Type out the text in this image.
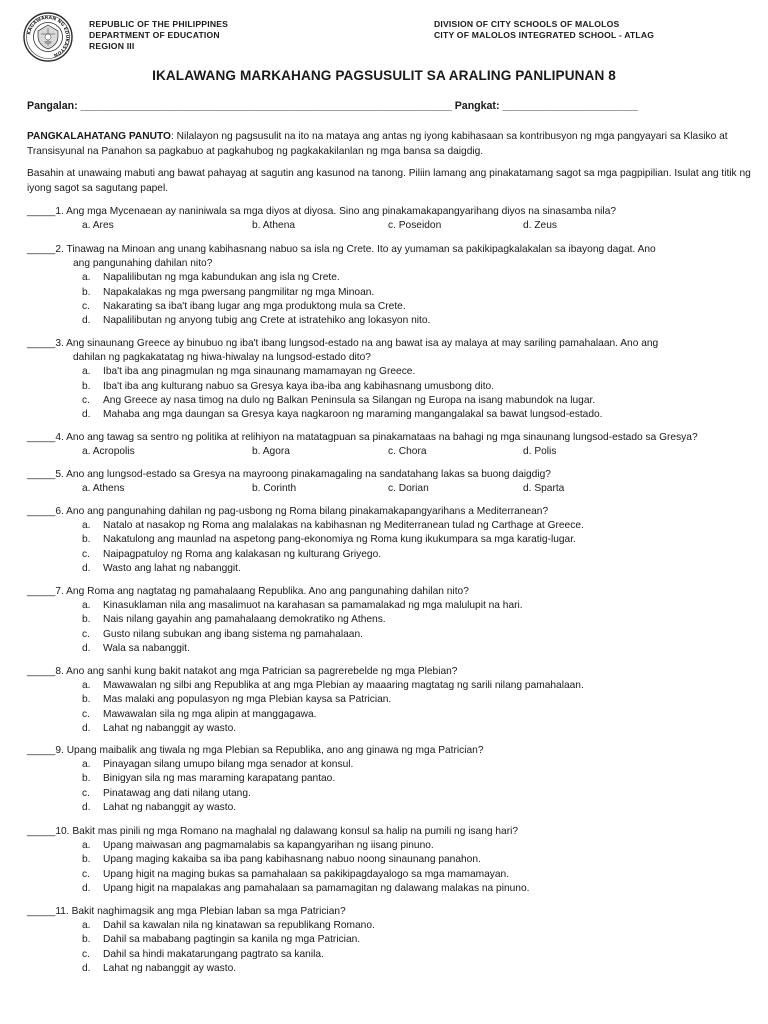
KAGAWARAN NG EDUKASYON
REPUBLIC OF THE PHILIPPINES
DEPARTMENT OF EDUCATION
REGION III
DIVISION OF CITY SCHOOLS OF MALOLOS
CITY OF MALOLOS INTEGRATED SCHOOL - ATLAG
IKALAWANG MARKAHANG PAGSUSULIT SA ARALING PANLIPUNAN 8
Pangalan: _______________________________________________________________ Pangkat: _______________________
PANGKALAHATANG PANUTO: Nilalayon ng pagsusulit na ito na mataya ang antas ng iyong kabihasaan sa kontribusyon ng mga pangyayari sa Klasiko at Transisyunal na Panahon sa pagkabuo at pagkahubog ng pagkakakilanlan ng mga bansa sa daigdig.
Basahin at unawaing mabuti ang bawat pahayag at sagutin ang kasunod na tanong. Piliin lamang ang pinakatamang sagot sa mga pagpipilian. Isulat ang titik ng iyong sagot sa sagutang papel.
_____1. Ang mga Mycenaean ay naniniwala sa mga diyos at diyosa. Sino ang pinakamakapangyarihang diyos na sinasamba nila?
a. Ares	b. Athena	c. Poseidon	d. Zeus
_____2. Tinawag na Minoan ang unang kabihasnang nabuo sa isla ng Crete. Ito ay yumaman sa pakikipagkalakalan sa ibayong dagat. Ano
ang pangunahing dahilan nito?
a.	Napalilibutan ng mga kabundukan ang isla ng Crete.
b.	Napakalakas ng mga pwersang pangmilitar ng mga Minoan.
c.	Nakarating sa iba't ibang lugar ang mga produktong mula sa Crete.
d.	Napalilibutan ng anyong tubig ang Crete at istratehiko ang lokasyon nito.
_____3. Ang sinaunang Greece ay binubuo ng iba't ibang lungsod-estado na ang bawat isa ay malaya at may sariling pamahalaan. Ano ang
dahilan ng pagkakatatag ng hiwa-hiwalay na lungsod-estado dito?
a.	Iba't iba ang pinagmulan ng mga sinaunang mamamayan ng Greece.
b.	Iba't iba ang kulturang nabuo sa Gresya kaya iba-iba ang kabihasnang umusbong dito.
c.	Ang Greece ay nasa timog na dulo ng Balkan Peninsula sa Silangan ng Europa na isang mabundok na lugar.
d.	Mahaba ang mga daungan sa Gresya kaya nagkaroon ng maraming mangangalakal sa bawat lungsod-estado.
_____4. Ano ang tawag sa sentro ng politika at relihiyon na matatagpuan sa pinakamataas na bahagi ng mga sinaunang lungsod-estado sa Gresya?
a. Acropolis	b. Agora	c. Chora	d. Polis
_____5. Ano ang lungsod-estado sa Gresya na mayroong pinakamagaling na sandatahang lakas sa buong daigdig?
a. Athens	b. Corinth	c. Dorian	d. Sparta
_____6. Ano ang pangunahing dahilan ng pag-usbong ng Roma bilang pinakamakapangyarihans a Mediterranean?
a.	Natalo at nasakop ng Roma ang malalakas na kabihasnan ng Mediterranean tulad ng Carthage at Greece.
b.	Nakatulong ang maunlad na aspetong pang-ekonomiya ng Roma kung ikukumpara sa mga karatig-lugar.
c.	Naipagpatuloy ng Roma ang kalakasan ng kulturang Griyego.
d.	Wasto ang lahat ng nabanggit.
_____7. Ang Roma ang nagtatag ng pamahalaang Republika. Ano ang pangunahing dahilan nito?
a.	Kinasuklaman nila ang masalimuot na karahasan sa pamamalakad ng mga malulupit na hari.
b.	Nais nilang gayahin ang pamahalaang demokratiko ng Athens.
c.	Gusto nilang subukan ang ibang sistema ng pamahalaan.
d.	Wala sa nabanggit.
_____8. Ano ang sanhi kung bakit natakot ang mga Patrician sa pagrerebelde ng mga Plebian?
a.	Mawawalan ng silbi ang Republika at ang mga Plebian ay maaaring magtatag ng sarili nilang pamahalaan.
b.	Mas malaki ang populasyon ng mga Plebian kaysa sa Patrician.
c.	Mawawalan sila ng mga alipin at manggagawa.
d.	Lahat ng nabanggit ay wasto.
_____9. Upang maibalik ang tiwala ng mga Plebian sa Republika, ano ang ginawa ng mga Patrician?
a.	Pinayagan silang umupo bilang mga senador at konsul.
b.	Binigyan sila ng mas maraming karapatang pantao.
c.	Pinatawag ang dati nilang utang.
d.	Lahat ng nabanggit ay wasto.
_____10. Bakit mas pinili ng mga Romano na maghalal ng dalawang konsul sa halip na pumili ng isang hari?
a.	Upang maiwasan ang pagmamalabis sa kapangyarihan ng iisang pinuno.
b.	Upang maging kakaiba sa iba pang kabihasnang nabuo noong sinaunang panahon.
c.	Upang higit na maging bukas sa pamahalaan sa pakikipagdayalogo sa mga mamamayan.
d.	Upang higit na mapalakas ang pamahalaan sa pamamagitan ng dalawang malakas na pinuno.
_____11. Bakit naghimagsik ang mga Plebian laban sa mga Patrician?
a.	Dahil sa kawalan nila ng kinatawan sa republikang Romano.
b.	Dahil sa mababang pagtingin sa kanila ng mga Patrician.
c.	Dahil sa hindi makatarungang pagtrato sa kanila.
d.	Lahat ng nabanggit ay wasto.
